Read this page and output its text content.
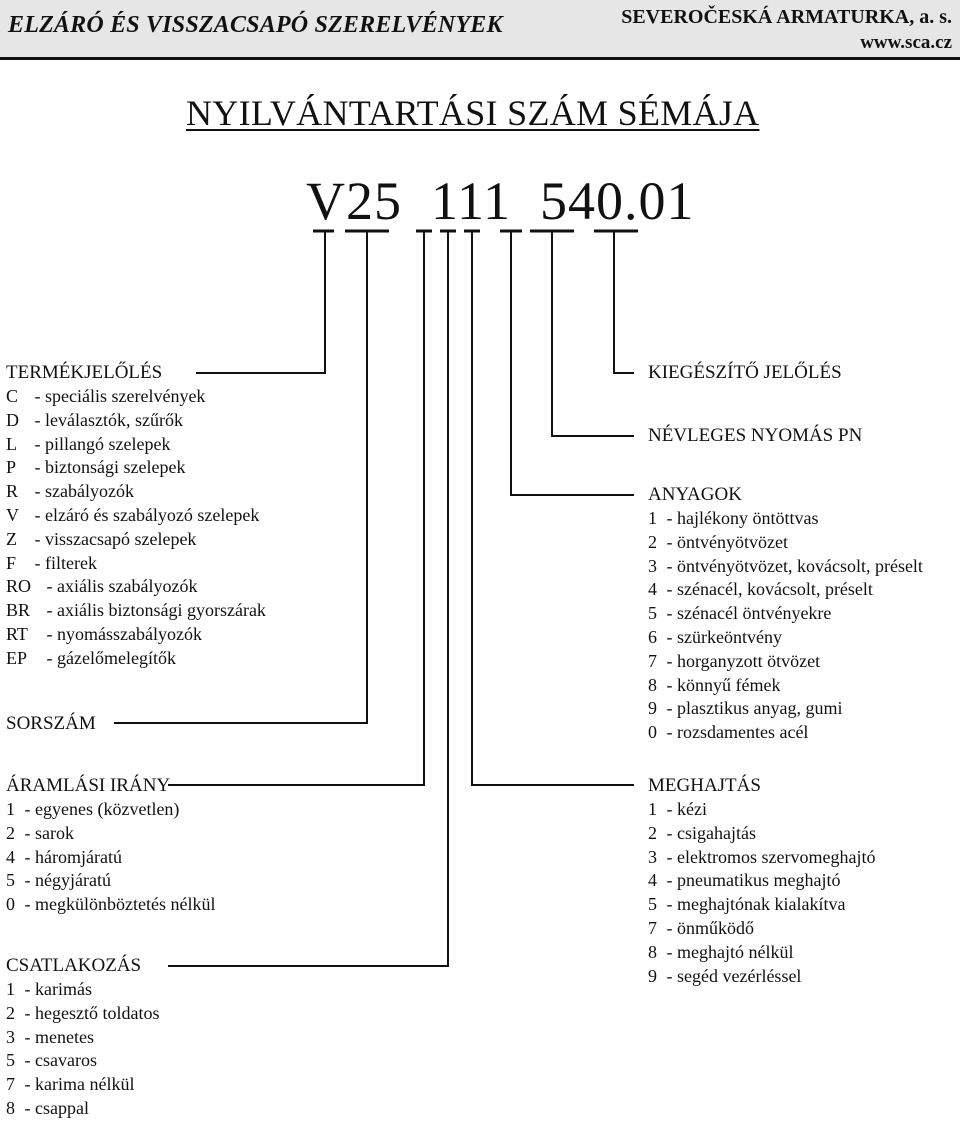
ELZÁRÓ ÉS VISSZACSAPÓ SZERELVÉNYEK	SEVEROČESKÁ ARMATURKA, a. s.
www.sca.cz
NYILVÁNTARTÁSI SZÁM SÉMÁJA
V25  111  540.01
TERMÉKJELŐLÉS
C - speciális szerelvények
D - leválasztók, szűrők
L - pillangó szelepek
P - biztonsági szelepek
R - szabályozók
V - elzáró és szabályozó szelepek
Z - visszacsapó szelepek
F - filterek
RO - axiális szabályozók
BR - axiális biztonsági gyorszárak
RT - nyomásszabályozók
EP - gázelőmelegítők
SORSZÁM
ÁRAMLÁSI IRÁNY
1 - egyenes (közvetlen)
2 - sarok
4 - háromjáratú
5 - négyjáratú
0 - megkülönböztetés nélkül
CSATLAKOZÁS
1 - karimás
2 - hegesztő toldatos
3 - menetes
5 - csavaros
7 - karima nélkül
8 - csappal
KIEGÉSZÍTŐ JELŐLÉS
NÉVLEGES NYOMÁS PN
ANYAGOK
1 - hajlékony öntöttvas
2 - öntvényötvözet
3 - öntvényötvözet, kovácsolt, préselt
4 - szénacél, kovácsolt, préselt
5 - szénacél öntvényekre
6 - szürkeöntvény
7 - horganyzott ötvözet
8 - könnyű fémek
9 - plasztikus anyag, gumi
0 - rozsdamentes acél
MEGHAJTÁS
1 - kézi
2 - csigahajtás
3 - elektromos szervomeghajtó
4 - pneumatikus meghajtó
5 - meghajtónak kialakítva
7 - önműködő
8 - meghajtó nélkül
9 - segéd vezérléssel
